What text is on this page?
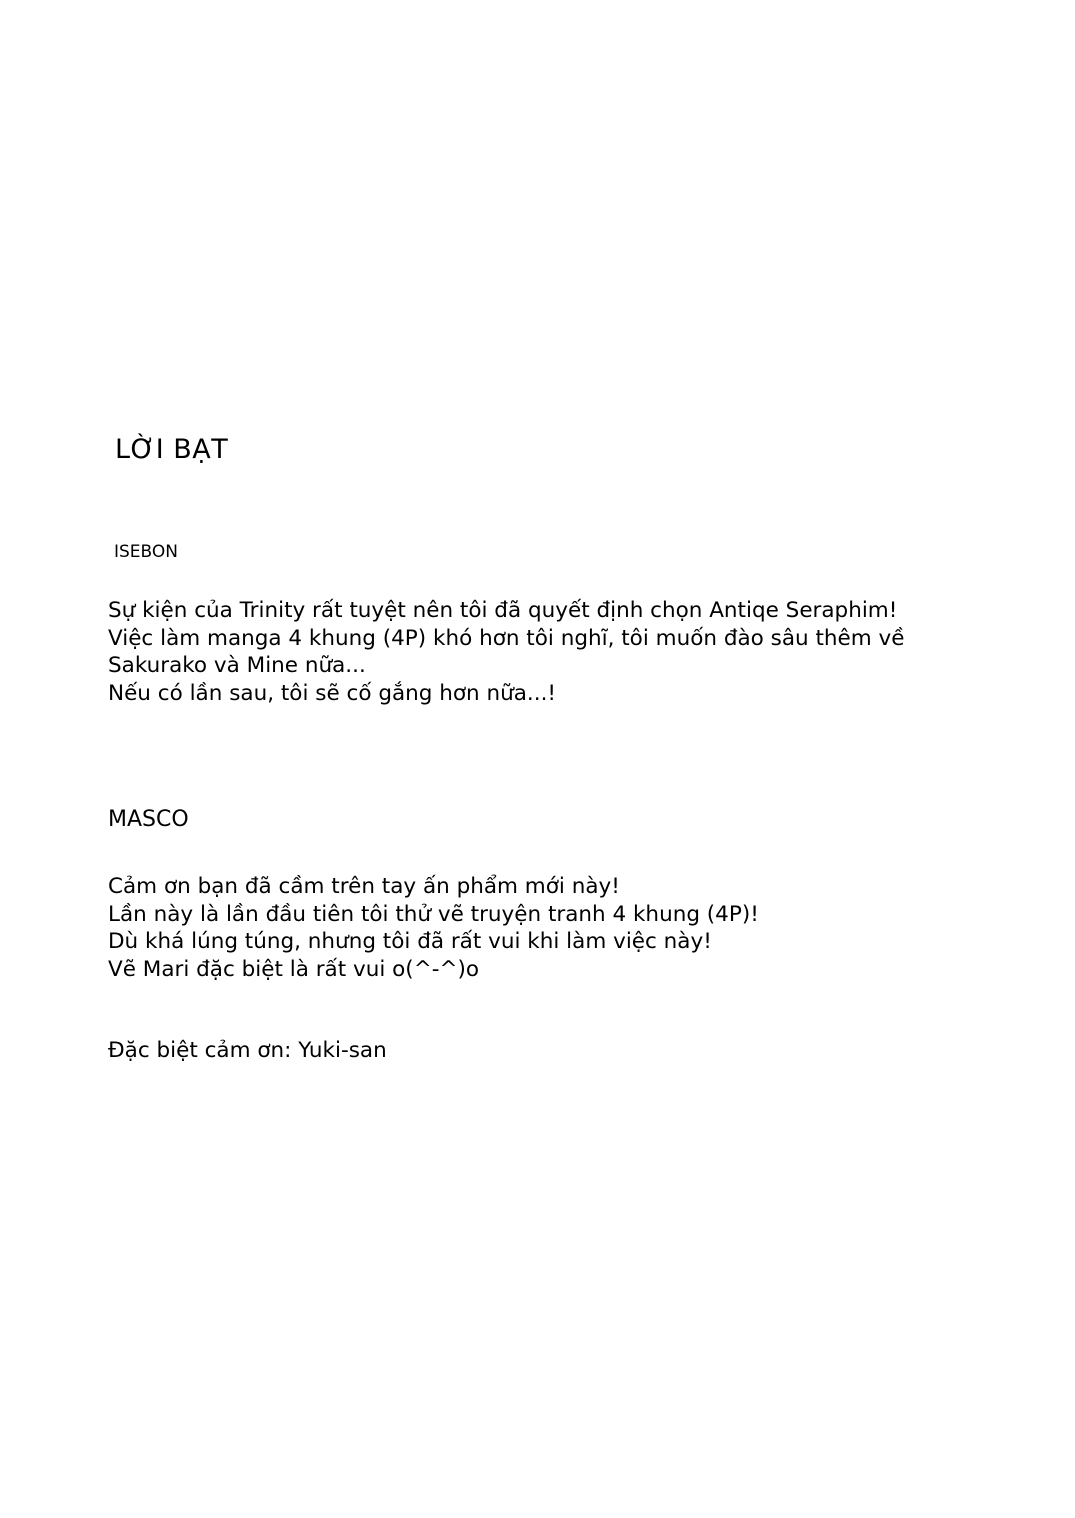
LỜI BẠT
ISEBON
Sự kiện của Trinity rất tuyệt nên tôi đã quyết định chọn Antiqe Seraphim!
Việc làm manga 4 khung (4P) khó hơn tôi nghĩ, tôi muốn đào sâu thêm về
Sakurako và Mine nữa...
Nếu có lần sau, tôi sẽ cố gắng hơn nữa...!
MASCO
Cảm ơn bạn đã cầm trên tay ấn phẩm mới này!
Lần này là lần đầu tiên tôi thử vẽ truyện tranh 4 khung (4P)!
Dù khá lúng túng, nhưng tôi đã rất vui khi làm việc này!
Vẽ Mari đặc biệt là rất vui o(^-^)o
Đặc biệt cảm ơn: Yuki-san
